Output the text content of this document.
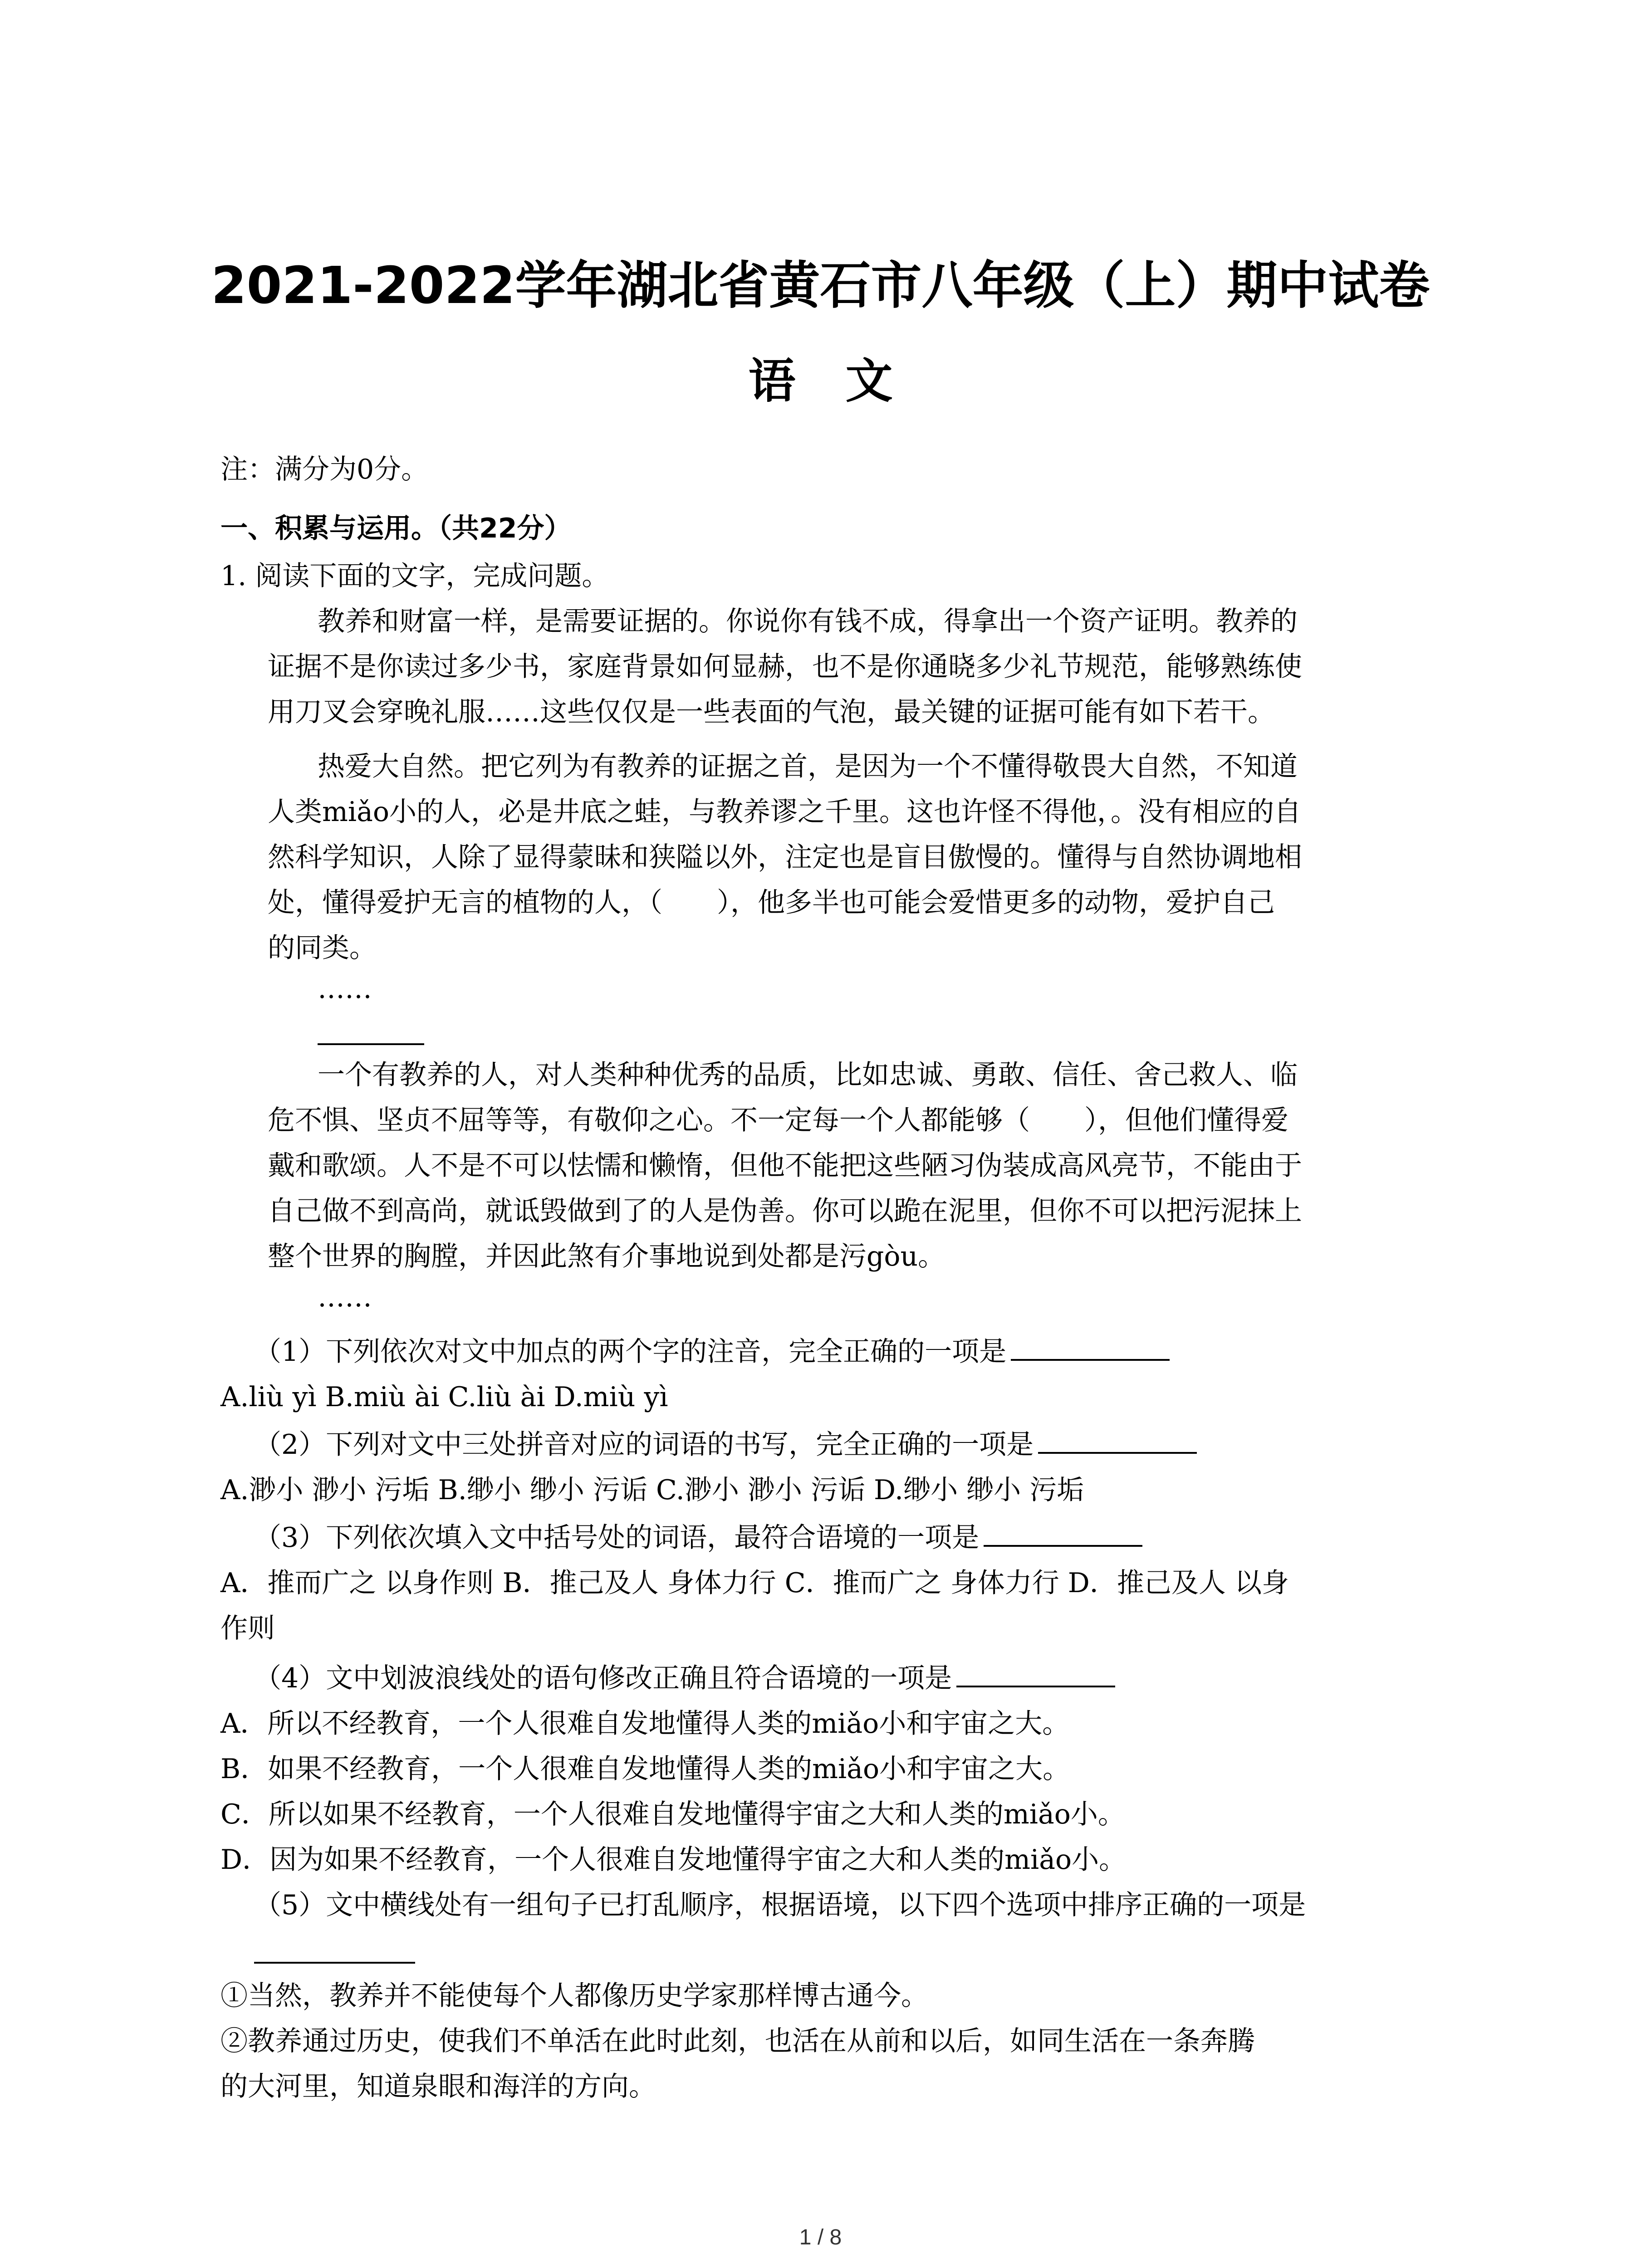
2021-2022学年湖北省黄石市八年级（上）期中试卷
语文
注：满分为0分。
一、积累与运用。（共22分）
1. 阅读下面的文字，完成问题。
教养和财富一样，是需要证据的。你说你有钱不成，得拿出一个资产证明。教养的
证据不是你读过多少书，家庭背景如何显赫，也不是你通晓多少礼节规范，能够熟练使
用刀叉会穿晚礼服……这些仅仅是一些表面的气泡，最关键的证据可能有如下若干。
热爱大自然。把它列为有教养的证据之首，是因为一个不懂得敬畏大自然，不知道
人类miǎo小的人，必是井底之蛙，与教养谬之千里。这也许怪不得他，。没有相应的自
然科学知识，人除了显得蒙昧和狭隘以外，注定也是盲目傲慢的。懂得与自然协调地相
处，懂得爱护无言的植物的人，（　　），他多半也可能会爱惜更多的动物，爱护自己
的同类。
……
一个有教养的人，对人类种种优秀的品质，比如忠诚、勇敢、信任、舍己救人、临
危不惧、坚贞不屈等等，有敬仰之心。不一定每一个人都能够（　　），但他们懂得爱
戴和歌颂。人不是不可以怯懦和懒惰，但他不能把这些陋习伪装成高风亮节，不能由于
自己做不到高尚，就诋毁做到了的人是伪善。你可以跪在泥里，但你不可以把污泥抹上
整个世界的胸膛，并因此煞有介事地说到处都是污gòu。
……
（1）下列依次对文中加点的两个字的注音，完全正确的一项是
A.liù yì B.miù ài C.liù ài D.miù yì
（2）下列对文中三处拼音对应的词语的书写，完全正确的一项是
A.渺小 渺小 污垢 B.缈小 缈小 污诟 C.渺小 渺小 污诟 D.缈小 缈小 污垢
（3）下列依次填入文中括号处的词语，最符合语境的一项是
A．推而广之 以身作则 B．推己及人 身体力行 C．推而广之 身体力行 D．推己及人 以身
作则
（4）文中划波浪线处的语句修改正确且符合语境的一项是
A．所以不经教育，一个人很难自发地懂得人类的miǎo小和宇宙之大。
B．如果不经教育，一个人很难自发地懂得人类的miǎo小和宇宙之大。
C．所以如果不经教育，一个人很难自发地懂得宇宙之大和人类的miǎo小。
D．因为如果不经教育，一个人很难自发地懂得宇宙之大和人类的miǎo小。
（5）文中横线处有一组句子已打乱顺序，根据语境，以下四个选项中排序正确的一项是
①当然，教养并不能使每个人都像历史学家那样博古通今。
②教养通过历史，使我们不单活在此时此刻，也活在从前和以后，如同生活在一条奔腾
的大河里，知道泉眼和海洋的方向。
1 / 8
